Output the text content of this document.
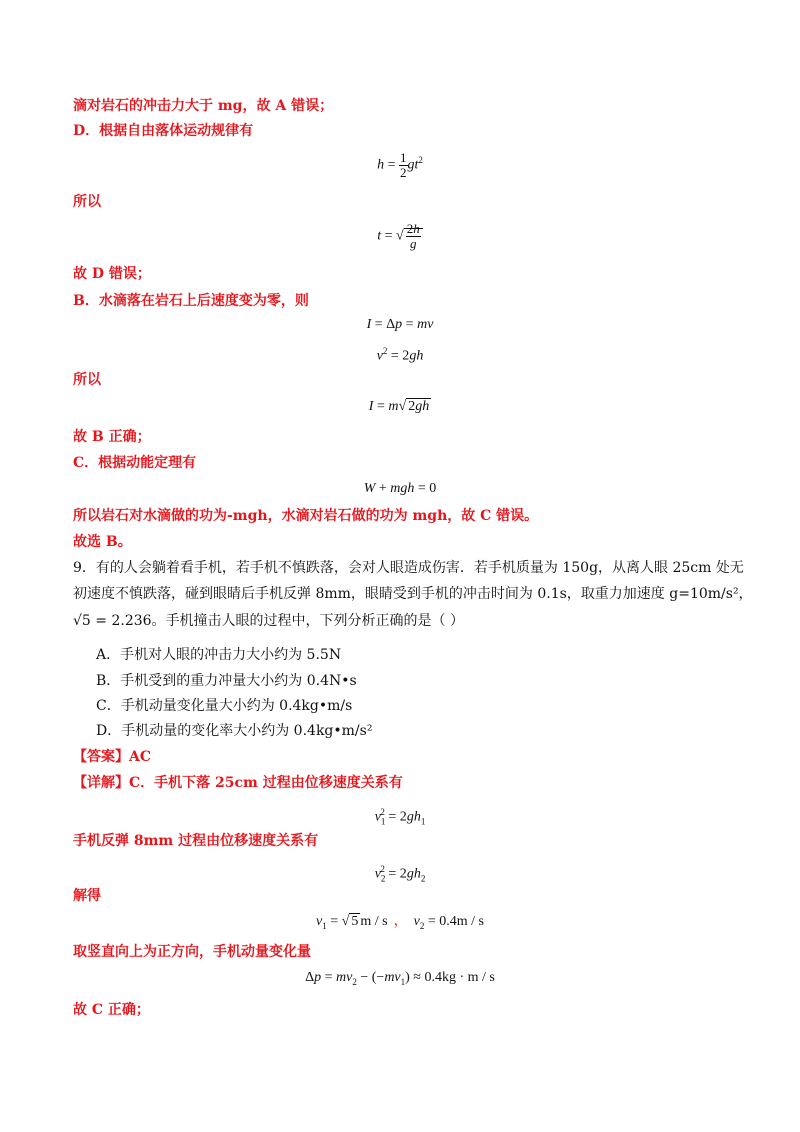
滴对岩石的冲击力大于 mg，故 A 错误；
D．根据自由落体运动规律有
$h = \frac{1}{2} gt^2$
所以
t = √ $\frac{2h}{g}$
故 D 错误；
B．水滴落在岩石上后速度变为零，则
I = Δp = mv
$v^2 = 2gh$
所以
I = m√ 2gh
故 B 正确；
C．根据动能定理有
W + mgh = 0
所以岩石对水滴做的功为-mgh，水滴对岩石做的功为 mgh，故 C 错误。
故选 B。
9．有的人会躺着看手机，若手机不慎跌落，会对人眼造成伤害．若手机质量为 150g，从离人眼 25cm 处无
初速度不慎跌落，碰到眼睛后手机反弹 8mm，眼睛受到手机的冲击时间为 0.1s，取重力加速度 g=10m/s²，
√5 = 2.236。手机撞击人眼的过程中，下列分析正确的是（ ）
A．手机对人眼的冲击力大小约为 5.5N
B．手机受到的重力冲量大小约为 0.4N•s
C．手机动量变化量大小约为 0.4kg•m/s
D．手机动量的变化率大小约为 0.4kg•m/s²
【答案】AC
【详解】C．手机下落 25cm 过程由位移速度关系有
$v_1^2 = 2gh_1$
手机反弹 8mm 过程由位移速度关系有
$v_2^2 = 2gh_2$
解得
$v_1$ = √ 5 m / s ， $v_2 = 0.4m / s$
取竖直向上为正方向，手机动量变化量
$\Delta p = mv_2 - (-mv_1) \approx 0.4kg \cdot m / s$
故 C 正确；
